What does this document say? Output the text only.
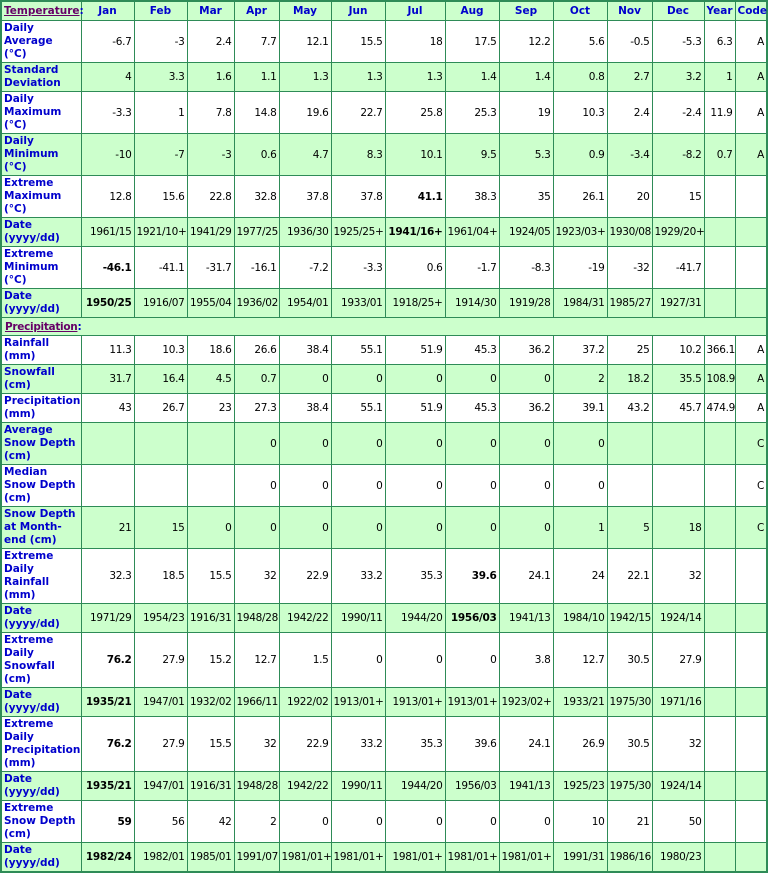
Temperature:	Jan	Feb	Mar	Apr	May	Jun	Jul	Aug	Sep	Oct	Nov	Dec	Year	Code
Daily Average (°C)	-6.7	-3	2.4	7.7	12.1	15.5	18	17.5	12.2	5.6	-0.5	-5.3	6.3	A
Standard Deviation	4	3.3	1.6	1.1	1.3	1.3	1.3	1.4	1.4	0.8	2.7	3.2	1	A
Daily Maximum (°C)	-3.3	1	7.8	14.8	19.6	22.7	25.8	25.3	19	10.3	2.4	-2.4	11.9	A
Daily Minimum (°C)	-10	-7	-3	0.6	4.7	8.3	10.1	9.5	5.3	0.9	-3.4	-8.2	0.7	A
Extreme Maximum (°C)	12.8	15.6	22.8	32.8	37.8	37.8	41.1	38.3	35	26.1	20	15		
Date (yyyy/dd)	1961/15	1921/10+	1941/29	1977/25	1936/30	1925/25+	1941/16+	1961/04+	1924/05	1923/03+	1930/08	1929/20+		
Extreme Minimum (°C)	-46.1	-41.1	-31.7	-16.1	-7.2	-3.3	0.6	-1.7	-8.3	-19	-32	-41.7		
Date (yyyy/dd)	1950/25	1916/07	1955/04	1936/02	1954/01	1933/01	1918/25+	1914/30	1919/28	1984/31	1985/27	1927/31		
Precipitation:														
Rainfall (mm)	11.3	10.3	18.6	26.6	38.4	55.1	51.9	45.3	36.2	37.2	25	10.2	366.1	A
Snowfall (cm)	31.7	16.4	4.5	0.7	0	0	0	0	0	2	18.2	35.5	108.9	A
Precipitation (mm)	43	26.7	23	27.3	38.4	55.1	51.9	45.3	36.2	39.1	43.2	45.7	474.9	A
Average Snow Depth (cm)				0	0	0	0	0	0	0				C
Median Snow Depth (cm)				0	0	0	0	0	0	0				C
Snow Depth at Month-end (cm)	21	15	0	0	0	0	0	0	0	1	5	18		C
Extreme Daily Rainfall (mm)	32.3	18.5	15.5	32	22.9	33.2	35.3	39.6	24.1	24	22.1	32		
Date (yyyy/dd)	1971/29	1954/23	1916/31	1948/28	1942/22	1990/11	1944/20	1956/03	1941/13	1984/10	1942/15	1924/14		
Extreme Daily Snowfall (cm)	76.2	27.9	15.2	12.7	1.5	0	0	0	3.8	12.7	30.5	27.9		
Date (yyyy/dd)	1935/21	1947/01	1932/02	1966/11	1922/02	1913/01+	1913/01+	1913/01+	1923/02+	1933/21	1975/30	1971/16		
Extreme Daily Precipitation (mm)	76.2	27.9	15.5	32	22.9	33.2	35.3	39.6	24.1	26.9	30.5	32		
Date (yyyy/dd)	1935/21	1947/01	1916/31	1948/28	1942/22	1990/11	1944/20	1956/03	1941/13	1925/23	1975/30	1924/14		
Extreme Snow Depth (cm)	59	56	42	2	0	0	0	0	0	10	21	50		
Date (yyyy/dd)	1982/24	1982/01	1985/01	1991/07	1981/01+	1981/01+	1981/01+	1981/01+	1981/01+	1991/31	1986/16	1980/23		
